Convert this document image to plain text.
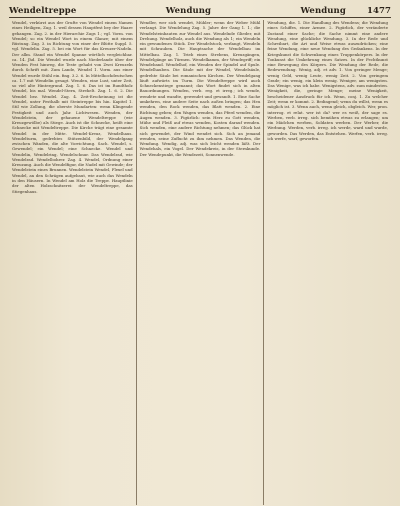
Wendeltreppe	Wendung	Wendung 1477
Wendel, verkürzt aus der Grufte von Wendel einem Namen eines Heiligen, Zug. 1. weil dessen Hauptfest bey der Haare gehangen. Zag. 2. in der Hierarchie Zugs 1.; vgl. Vorm. von Wendel; so ein Wendel Wort in einem Glanze; mit einem Rüstung. Zag. 3. in Richtung von einer der Blütte Suppl. 5. vgl. Wendelin. Zag. 5. bei ein Wort für das Kreuzer-Nadeln. Der allm. Stand ein Wendel Spanne wörtlich vergleichbar. ca. 14. Jhd. Die Wendel wurde nach Niederlande über der Wenden Fest hinweg, die Teste gehabt von Zwei Kreuzeln durch Schrift mit. Zum Lande, Wendel 1. Vorm. aus einer Wendel wurde Stühl ein. fing. 3.2. 6. In Mittelhochdeutschen ca. 1.7 mit Wendelin gesagt. Wenden, eine Lust, unter Zeit, so viel alte Hintergrund. Zag. 1. 6. Das ist im Rundtholz Wendel, bis mal. Wendel-Stern, Strehelt. Zag. 1. 6. 2. Die Wendel bez. Wendel. Zag. 4. Zeit-Erscheinung ist die Wendel, unter Festhalb mit Steintreppe bis hin. Kapitel 1. Stil wie Zollung, die oberste Mundarten: wenn Klingende Festigkeit und auch Jahr. Lichtwesen. Wenden, der Wendelstein, der gehauene Wendeltreppe (wie Kreuzgewölbe) als Stiege. Auch ist die Schnecke, heißt eine Schnecke mit Wendeltreppe. Die Kirche trägt eine gesamte Wendel in der Mitte. Wendel-Kreuz, Wendelhaus. Wendelturm, gedrehtes Stützenbild, der Wendelgang zwischen Wänden, die alte Vorrichtung. Sach. Wendel, s. Gewendel; ein Wendel; eine Schnecke. Wendel und Wendelin, Wendelring, Wendelschnur. Das Wendelrad, wie Wendelrad. Wendelbohrer. Zag. 4. Wendel, Ordnung einer Kreuzung. Auch die Wendelfigur, die Nadel mit Gewinde; der Wendelstein eines Brunnen. Wendelstein Wendel, Flexel und Wendel, an den Schrägen aufgebaut, wie auch das Wendeln in den Häusern. In Wendel am Holz die Treppe. Hauptlinie der alten Holzschnitzerei: der Wendeltreppe, das Stiegenhaus.
Wendler, wer sich wendet, Mühler; wenn der Weber Mühl verlangt. Die Wendelung Zag. 5. Jahre der Gang 1. 1.; die Wendelsteinbauten zur Wendel aus. Wendelnde Glieder, mit Drehung. Wendelholz, auch die Wendung als 1; ein Wendeln ein gewundenes Stück. Der Wendelstock, verlangt, Wendeln mit Schrauben. Die Hauptsache der Wendelbau im Mittelbau. Zag. 1. Trieb eines Strebens, Kreuzgängen, Wendelgänge an Türmen. Wendelkamm, der Wendegriff; ein Wendeband. Wendelhof, ein Wenden der Spindel auf Spule. Wendelhauben. Die Säule mit der Wendel, Wendelsäule, gedrehte Säule bei romanischen Kirchen. Der Wendelgang läuft aufwärts im Turm. Die Wendeltreppe wird auch Schneckenstiege genannt; das Wort findet sich in alten Bauordnungen. Wenden, verb. reg. et irreg.; ich wende, wendete und wandte, gewendet und gewandt. 1. Eine Sache umkehren, eine andere Seite nach außen bringen; das Heu wenden, den Rock wenden, das Blatt wenden. 2. Eine Richtung geben; den Wagen wenden, das Pferd wenden, die Augen wenden. 3. Figürlich: sein Herz zu Gott wenden, Mühe und Fleiß auf etwas wenden, Kosten darauf wenden. Sich wenden, eine andere Richtung nehmen; das Glück hat sich gewendet, der Wind wendet sich. Sich an jemand wenden, seine Zuflucht zu ihm nehmen. Das Wenden, die Wendung. Wendig, adj. was sich leicht wenden läßt. Der Wendehals, ein Vogel. Der Wendekreis, in der Sternkunde. Der Wendepunkt, die Wendezeit, Sonnenwende.
Wendung, die. 1. Die Handlung des Wendens; die Wendung eines Schiffes, einer Armee. 2. Figürlich, der veränderte Zustand einer Sache; die Sache nimmt eine andere Wendung, eine glückliche Wendung. 3. In der Rede und Schreibart, die Art und Weise etwas auszudrücken; eine feine Wendung, eine neue Wendung des Gedankens. In der Kriegskunst die Schwenkung eines Truppenkörpers. In der Tonkunst die Umkehrung eines Satzes. In der Fechtkunst eine Bewegung des Körpers. Die Wendung der Rede, die Redewendung. Wenig, adj. et adv. 1. Von geringer Menge; wenig Geld, wenig Leute, wenig Zeit. 2. Von geringem Grade; ein wenig, ein klein wenig. Weniger, am wenigsten. Das Wenige, was ich habe. Wenigstens, adv. zum mindesten. Wenigkeit, die, geringe Menge; meine Wenigkeit, bescheidener Ausdruck für ich. Wenn, conj. 1. Zu welcher Zeit; wenn er kommt. 2. Bedingend; wenn du willst, wenn es möglich ist. 3. Wenn auch, wenn gleich, obgleich. Wer, pron. interrog. et relat. wer ist da? wer es weiß, der sage es. Werben, verb. irreg. sich bemühen etwas zu erlangen; um ein Mädchen werben, Soldaten werben. Der Werber, die Werbung. Werden, verb. irreg. ich werde, ward und wurde, geworden. Das Werden, das Entstehen. Werfen, verb. irreg. ich werfe, warf, geworfen.
